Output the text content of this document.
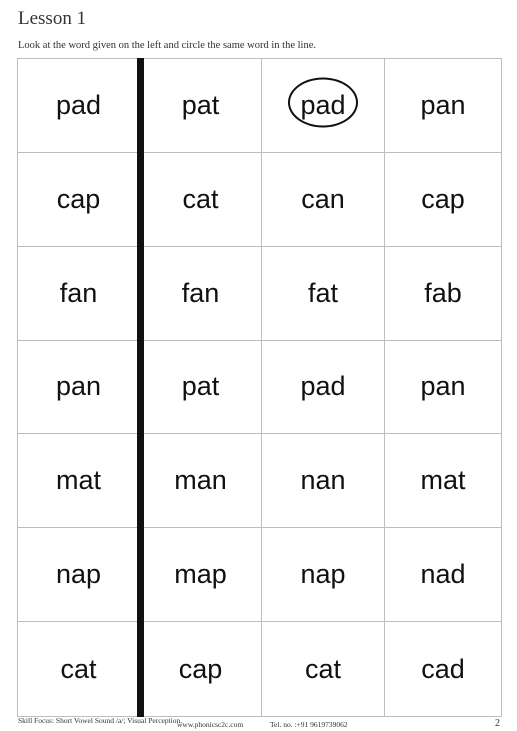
Lesson 1
Look at the word given on the left and circle the same word in the line.
pad	pat	pad	pan
cap	cat	can	cap
fan	fan	fat	fab
pan	pat	pad	pan
mat	man	nan	mat
nap	map	nap	nad
cat	cap	cat	cad
Skill Focus: Short Vowel Sound /a/; Visual Perception.
www.phonicsc2c.com	Tel. no. :+91 9619739062	2
